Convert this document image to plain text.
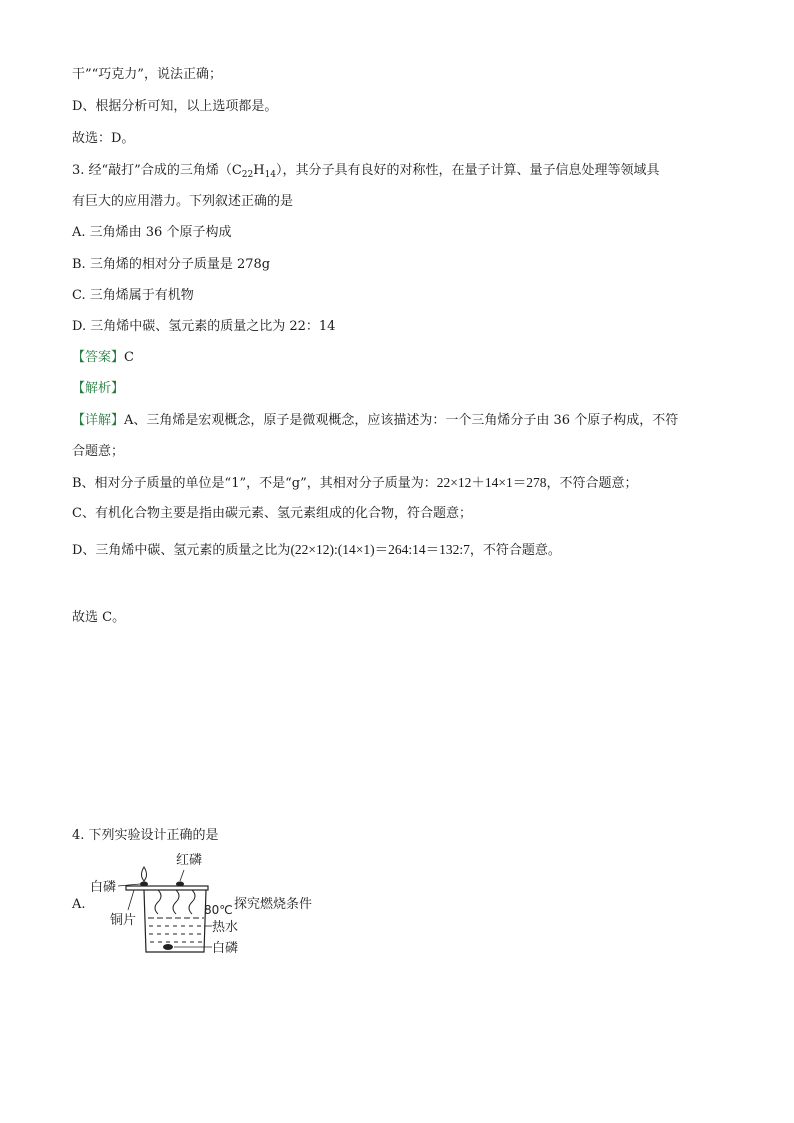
干”“巧克力”，说法正确；
D、根据分析可知，以上选项都是。
故选：D。
3. 经“敲打”合成的三角烯$(C_{22}H_{14})$，其分子具有良好的对称性，在量子计算、量子信息处理等领域具
有巨大的应用潜力。下列叙述正确的是
A. 三角烯由 36 个原子构成
B. 三角烯的相对分子质量是 278g
C. 三角烯属于有机物
D. 三角烯中碳、氢元素的质量之比为 22：14
【答案】C
【解析】
【详解】A、三角烯是宏观概念，原子是微观概念，应该描述为：一个三角烯分子由 36 个原子构成，不符
合题意；
B、相对分子质量的单位是“1”，不是“g”，其相对分子质量为：22×12＋14×1＝278，不符合题意；
C、有机化合物主要是指由碳元素、氢元素组成的化合物，符合题意；
D、三角烯中碳、氢元素的质量之比为(22×12):(14×1)＝264:14＝132:7，不符合题意。
故选 C。
4. 下列实验设计正确的是
A.
红磷
白磷
铜片
80℃ 探究燃烧条件
热水
白磷
